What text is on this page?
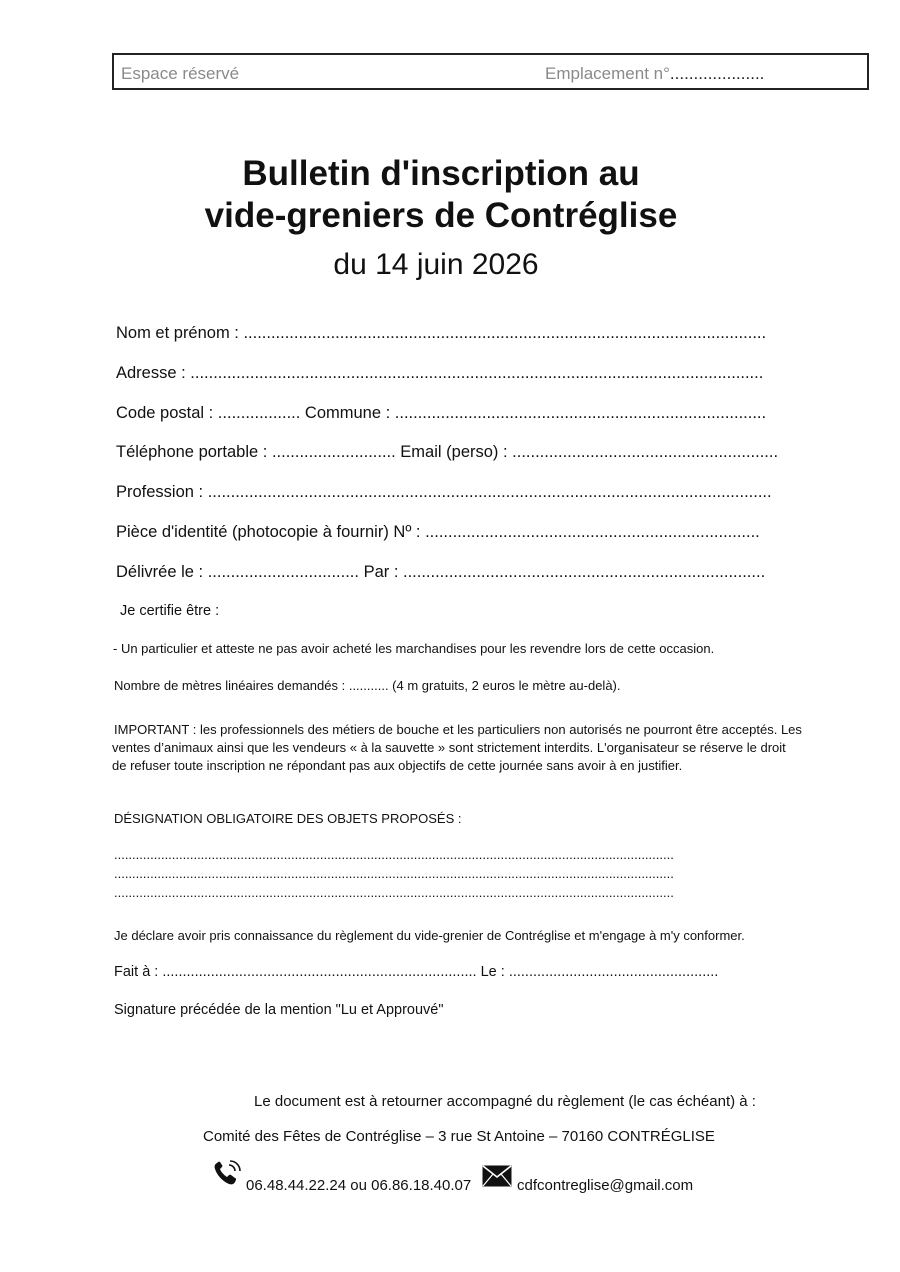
Espace réservé	Emplacement n°....................
Bulletin d'inscription au
vide-greniers de Contréglise
du 14 juin 2026
Nom et prénom : ..................................................................................................................
Adresse : .............................................................................................................................
Code postal : .................. Commune : .................................................................................
Téléphone portable : ........................... Email (perso) : ..........................................................
Profession : ...........................................................................................................................
Pièce d'identité (photocopie à fournir) Nº : .........................................................................
Délivrée le : ................................. Par : ...............................................................................
Je certifie être :
- Un particulier et atteste ne pas avoir acheté les marchandises pour les revendre lors de cette occasion.
Nombre de mètres linéaires demandés : ........... (4 m gratuits, 2 euros le mètre au-delà).
IMPORTANT : les professionnels des métiers de bouche et les particuliers non autorisés ne pourront être acceptés. Les ventes d’animaux ainsi que les vendeurs « à la sauvette » sont strictement interdits. L'organisateur se réserve le droit de refuser toute inscription ne répondant pas aux objectifs de cette journée sans avoir à en justifier.
DÉSIGNATION OBLIGATOIRE DES OBJETS PROPOSÉS :
...........................................................................................................................................................
...........................................................................................................................................................
...........................................................................................................................................................
Je déclare avoir pris connaissance du règlement du vide-grenier de Contréglise et m'engage à m'y conformer.
Fait à : .............................................................................. Le : ....................................................
Signature précédée de la mention "Lu et Approuvé"
Le document est à retourner accompagné du règlement (le cas échéant) à :
Comité des Fêtes de Contréglise – 3 rue St Antoine – 70160 CONTRÉGLISE
06.48.44.22.24 ou 06.86.18.40.07	cdfcontreglise@gmail.com
